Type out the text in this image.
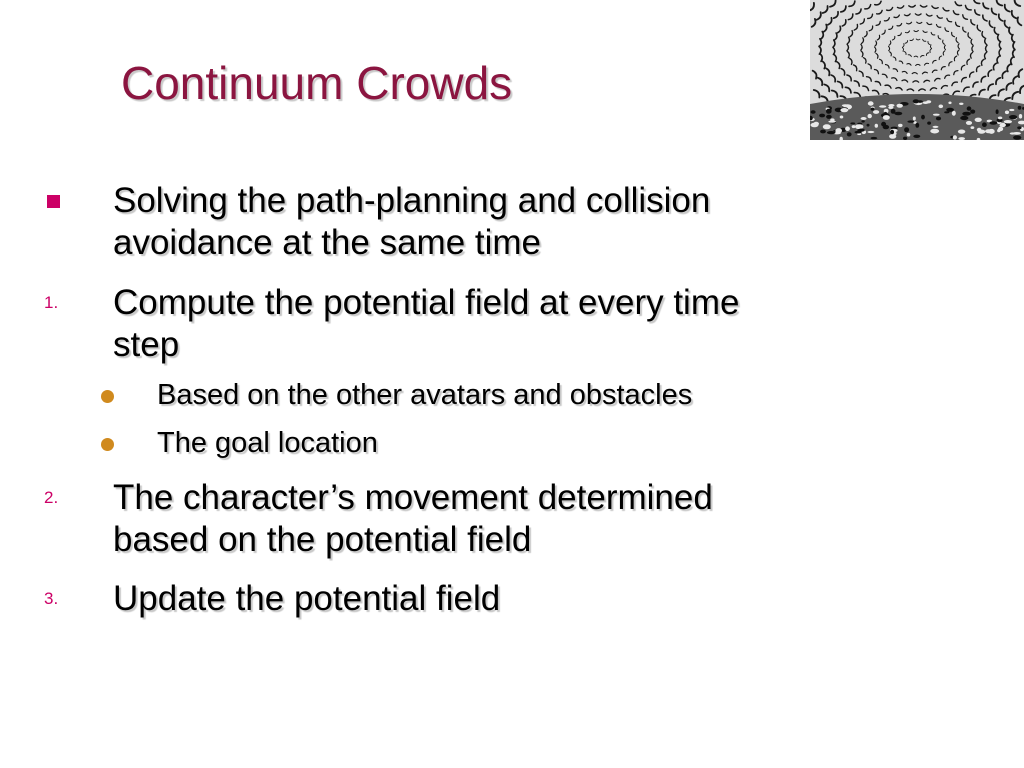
Continuum Crowds
Solving the path-planning and collision
avoidance at the same time
1. Compute the potential field at every time
step
Based on the other avatars and obstacles
The goal location
2. The character’s movement determined
based on the potential field
3. Update the potential field
